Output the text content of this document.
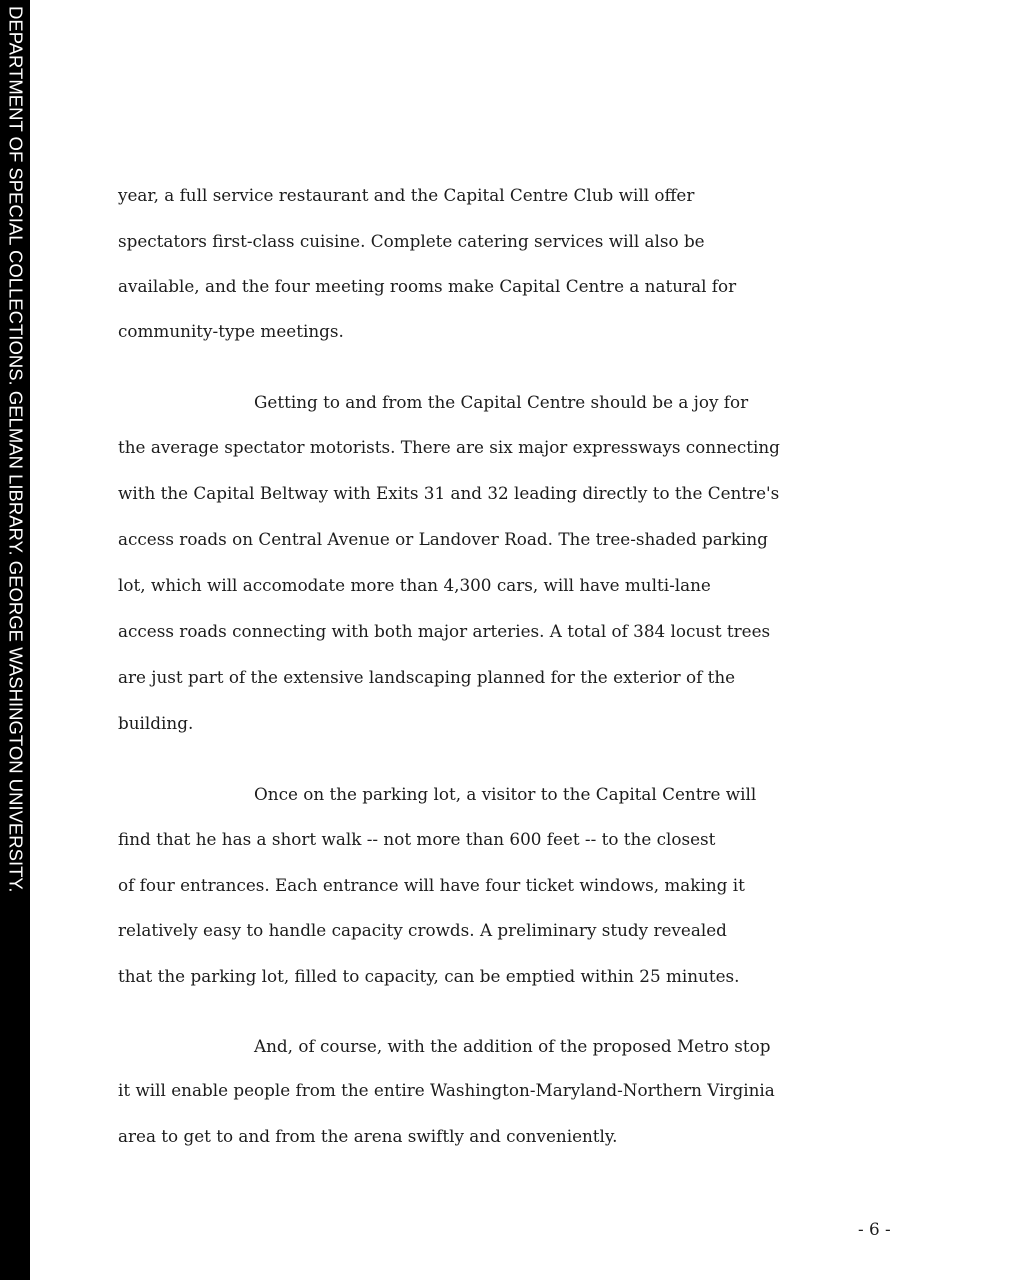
DEPARTMENT OF SPECIAL COLLECTIONS. GELMAN LIBRARY. GEORGE WASHINGTON UNIVERSITY.	year, a full service restaurant and the Capital Centre Club will offer
spectators first-class cuisine. Complete catering services will also be
available, and the four meeting rooms make Capital Centre a natural for
community-type meetings.
Getting to and from the Capital Centre should be a joy for
the average spectator motorists. There are six major expressways connecting
with the Capital Beltway with Exits 31 and 32 leading directly to the Centre's
access roads on Central Avenue or Landover Road. The tree-shaded parking
lot, which will accomodate more than 4,300 cars, will have multi-lane
access roads connecting with both major arteries. A total of 384 locust trees
are just part of the extensive landscaping planned for the exterior of the
building.
Once on the parking lot, a visitor to the Capital Centre will
find that he has a short walk -- not more than 600 feet -- to the closest
of four entrances. Each entrance will have four ticket windows, making it
relatively easy to handle capacity crowds. A preliminary study revealed
that the parking lot, filled to capacity, can be emptied within 25 minutes.
And, of course, with the addition of the proposed Metro stop
it will enable people from the entire Washington-Maryland-Northern Virginia
area to get to and from the arena swiftly and conveniently.
- 6 -
